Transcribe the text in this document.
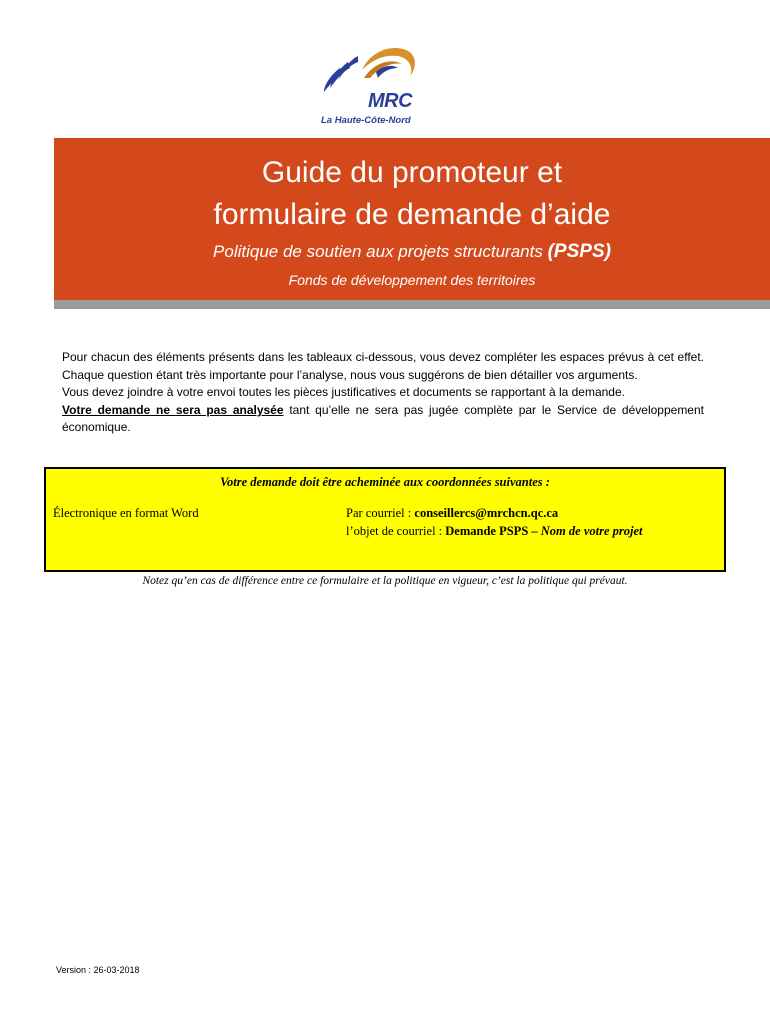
MRC
La Haute-Côte-Nord
Guide du promoteur et
formulaire de demande d’aide
Politique de soutien aux projets structurants (PSPS)
Fonds de développement des territoires

Pour chacun des éléments présents dans les tableaux ci-dessous, vous devez compléter les espaces prévus à cet effet. Chaque question étant très importante pour l’analyse, nous vous suggérons de bien détailler vos arguments.

Vous devez joindre à votre envoi toutes les pièces justificatives et documents se rapportant à la demande.

Votre demande ne sera pas analysée tant qu’elle ne sera pas jugée complète par le Service de développement économique.

Votre demande doit être acheminée aux coordonnées suivantes :
Électronique en format Word	Par courriel : conseillercs@mrchcn.qc.ca
l’objet de courriel : Demande PSPS – Nom de votre projet
Notez qu’en cas de différence entre ce formulaire et la politique en vigueur, c’est la politique qui prévaut.
Version : 26-03-2018
